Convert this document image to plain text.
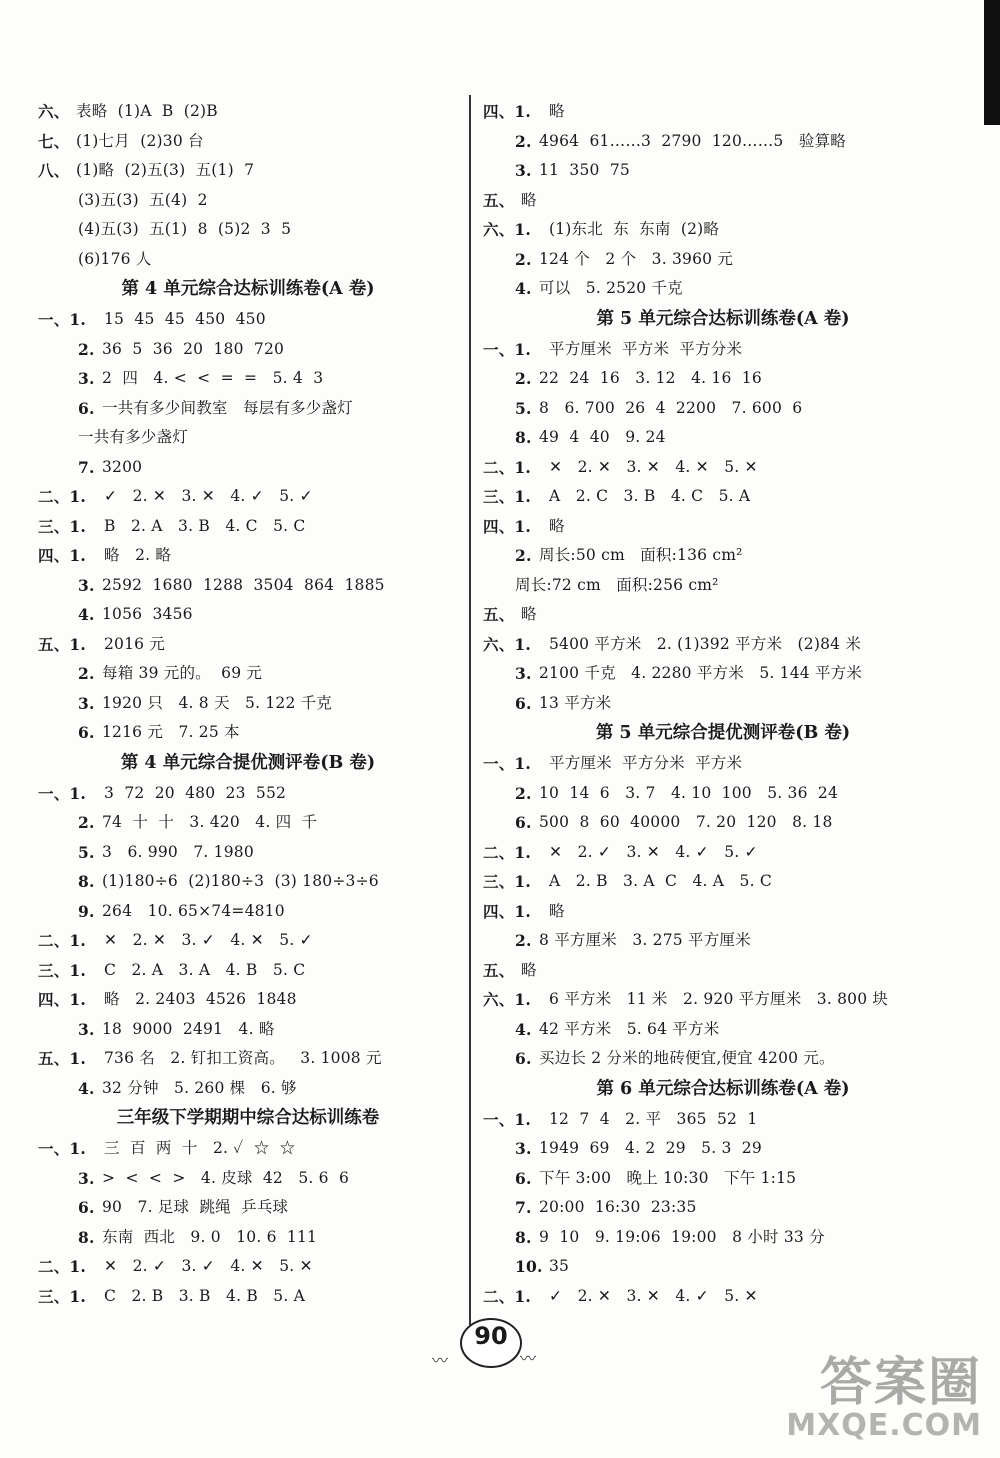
六、 表略  (1)A  B  (2)B
七、 (1)七月  (2)30 台
八、 (1)略  (2)五(3)  五(1)  7
(3)五(3)  五(4)  2
(4)五(3)  五(1)  8  (5)2  3  5
(6)176 人
第 4 单元综合达标训练卷(A 卷)
一、1. 15  45  45  450  450
2. 36  5  36  20  180  720
3. 2  四   4. <  <  =  =   5. 4  3
6. 一共有多少间教室   每层有多少盏灯
一共有多少盏灯
7. 3200
二、1. ✓   2. ✕   3. ✕   4. ✓   5. ✓
三、1. B   2. A   3. B   4. C   5. C
四、1. 略   2. 略
3. 2592  1680  1288  3504  864  1885
4. 1056  3456
五、1. 2016 元
2. 每箱 39 元的。  69 元
3. 1920 只   4. 8 天   5. 122 千克
6. 1216 元   7. 25 本
第 4 单元综合提优测评卷(B 卷)
一、1. 3  72  20  480  23  552
2. 74  十  十   3. 420   4. 四  千
5. 3   6. 990   7. 1980
8. (1)180÷6  (2)180÷3  (3) 180÷3÷6
9. 264   10. 65×74=4810
二、1. ✕   2. ✕   3. ✓   4. ✕   5. ✓
三、1. C   2. A   3. A   4. B   5. C
四、1. 略   2. 2403  4526  1848
3. 18  9000  2491   4. 略
五、1. 736 名   2. 钉扣工资高。   3. 1008 元
4. 32 分钟   5. 260 棵   6. 够
三年级下学期期中综合达标训练卷
一、1. 三  百  两  十   2. ✓  ☆  ☆
3. >  <  <  >   4. 皮球  42   5. 6  6
6. 90   7. 足球  跳绳  乒乓球
8. 东南  西北   9. 0   10. 6  111
二、1. ✕   2. ✓   3. ✓   4. ✕   5. ✕
三、1. C   2. B   3. B   4. B   5. A
四、1. 略
2. 4964  61……3  2790  120……5   验算略
3. 11  350  75
五、 略
六、1. (1)东北  东  东南  (2)略
2. 124 个   2 个   3. 3960 元
4. 可以   5. 2520 千克
第 5 单元综合达标训练卷(A 卷)
一、1. 平方厘米  平方米  平方分米
2. 22  24  16   3. 12   4. 16  16
5. 8   6. 700  26  4  2200   7. 600  6
8. 49  4  40   9. 24
二、1. ✕   2. ✕   3. ✕   4. ✕   5. ✕
三、1. A   2. C   3. B   4. C   5. A
四、1. 略
2. 周长:50 cm   面积:136 cm²
周长:72 cm   面积:256 cm²
五、 略
六、1. 5400 平方米   2. (1)392 平方米   (2)84 米
3. 2100 千克   4. 2280 平方米   5. 144 平方米
6. 13 平方米
第 5 单元综合提优测评卷(B 卷)
一、1. 平方厘米  平方分米  平方米
2. 10  14  6   3. 7   4. 10  100   5. 36  24
6. 500  8  60  40000   7. 20  120   8. 18
二、1. ✕   2. ✓   3. ✕   4. ✓   5. ✓
三、1. A   2. B   3. A  C   4. A   5. C
四、1. 略
2. 8 平方厘米   3. 275 平方厘米
五、 略
六、1. 6 平方米   11 米   2. 920 平方厘米   3. 800 块
4. 42 平方米   5. 64 平方米
6. 买边长 2 分米的地砖便宜,便宜 4200 元。
第 6 单元综合达标训练卷(A 卷)
一、1. 12  7  4   2. 平   365  52  1
3. 1949  69   4. 2  29   5. 3  29
6. 下午 3:00   晚上 10:30   下午 1:15
7. 20:00  16:30  23:35
8. 9  10   9. 19:06  19:00   8 小时 33 分
10. 35
二、1. ✓   2. ✕   3. ✕   4. ✓   5. ✕
〰
90
〰	答案圈
MXQE.COM
